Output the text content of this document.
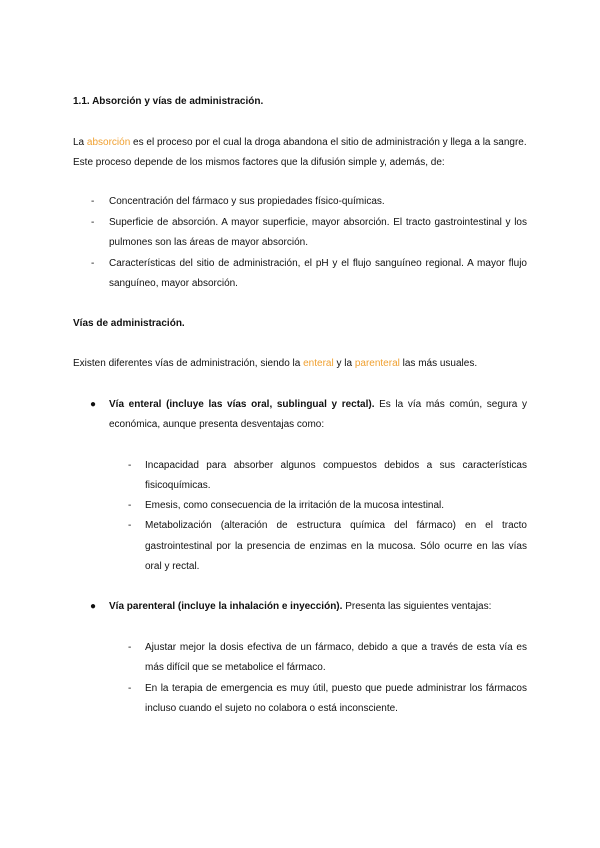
1.1. Absorción y vías de administración.
La absorción es el proceso por el cual la droga abandona el sitio de administración y llega a la sangre.
Este proceso depende de los mismos factores que la difusión simple y, además, de:
- Concentración del fármaco y sus propiedades físico-químicas.
- Superficie de absorción. A mayor superficie, mayor absorción. El tracto gastrointestinal y los
pulmones son las áreas de mayor absorción.
- Características del sitio de administración, el pH y el flujo sanguíneo regional. A mayor flujo
sanguíneo, mayor absorción.
Vías de administración.
Existen diferentes vías de administración, siendo la enteral y la parenteral las más usuales.
● Vía enteral (incluye las vías oral, sublingual y rectal). Es la vía más común, segura y
económica, aunque presenta desventajas como:
- Incapacidad para absorber algunos compuestos debidos a sus características
fisicoquímicas.
- Emesis, como consecuencia de la irritación de la mucosa intestinal.
- Metabolización (alteración de estructura química del fármaco) en el tracto
gastrointestinal por la presencia de enzimas en la mucosa. Sólo ocurre en las vías
oral y rectal.
● Vía parenteral (incluye la inhalación e inyección). Presenta las siguientes ventajas:
- Ajustar mejor la dosis efectiva de un fármaco, debido a que a través de esta vía es
más difícil que se metabolice el fármaco.
- En la terapia de emergencia es muy útil, puesto que puede administrar los fármacos
incluso cuando el sujeto no colabora o está inconsciente.
